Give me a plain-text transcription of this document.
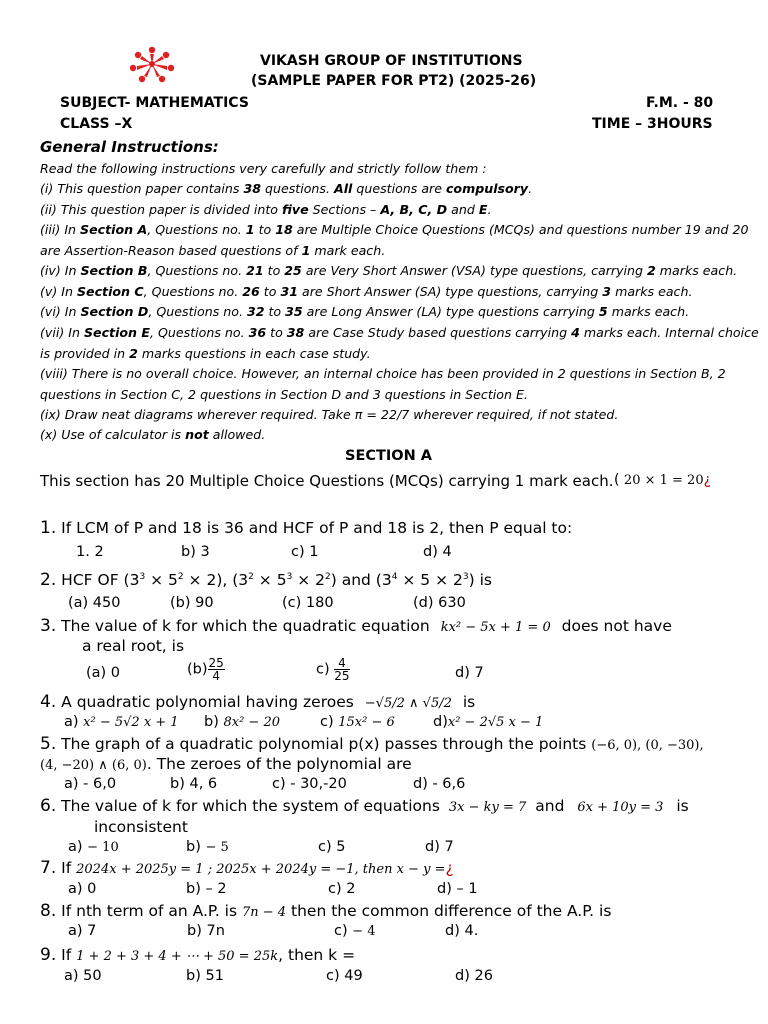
VIKASH GROUP OF INSTITUTIONS
(SAMPLE PAPER FOR PT2) (2025-26)
SUBJECT- MATHEMATICS	F.M. - 80
CLASS –X	TIME – 3HOURS
General Instructions:
Read the following instructions very carefully and strictly follow them :
(i) This question paper contains 38 questions. All questions are compulsory.
(ii) This question paper is divided into five Sections – A, B, C, D and E.
(iii) In Section A, Questions no. 1 to 18 are Multiple Choice Questions (MCQs) and questions number 19 and 20
are Assertion-Reason based questions of 1 mark each.
(iv) In Section B, Questions no. 21 to 25 are Very Short Answer (VSA) type questions, carrying 2 marks each.
(v) In Section C, Questions no. 26 to 31 are Short Answer (SA) type questions, carrying 3 marks each.
(vi) In Section D, Questions no. 32 to 35 are Long Answer (LA) type questions carrying 5 marks each.
(vii) In Section E, Questions no. 36 to 38 are Case Study based questions carrying 4 marks each. Internal choice
is provided in 2 marks questions in each case study.
(viii) There is no overall choice. However, an internal choice has been provided in 2 questions in Section B, 2
questions in Section C, 2 questions in Section D and 3 questions in Section E.
(ix) Draw neat diagrams wherever required. Take π = 22/7 wherever required, if not stated.
(x) Use of calculator is not allowed.
SECTION A
This section has 20 Multiple Choice Questions (MCQs) carrying 1 mark each. ( 20 × 1 = 20¿
1. If LCM of P and 18 is 36 and HCF of P and 18 is 2, then P equal to:
1. 2	b) 3	c) 1	d) 4
2. HCF OF $(3^3 \times 5^2 \times 2)$, $(3^2 \times 5^3 \times 2^2)$ and $(3^4 \times 5 \times 2^3)$ is
(a) 450	(b) 90	(c) 180	(d) 630
3. The value of k for which the quadratic equation kx² − 5x + 1 = 0 does not have
a real root, is
(a) 0	$(b) \frac{25}{4}$	$c) \frac{4}{25}$	d) 7
4. A quadratic polynomial having zeroes −√5/2 ∧ √5/2 is
a) x² − 5√2 x + 1 b) 8x² − 20	c) 15x² − 6	d)x² − 2√5 x − 1
5. The graph of a quadratic polynomial p(x) passes through the points (−6, 0), (0, −30),
(4, −20) ∧ (6, 0). The zeroes of the polynomial are
a) - 6,0	b) 4, 6	c) - 30,-20	d) - 6,6
6. The value of k for which the system of equations 3x − ky = 7 and 6x + 10y = 3 is
inconsistent
a) − 10	b) − 5	c) 5	d) 7
7. If 2024x + 2025y = 1 ; 2025x + 2024y = −1, then x − y =¿
a) 0	b) – 2	c) 2	d) – 1
8. If nth term of an A.P. is 7n − 4 then the common difference of the A.P. is
a) 7	b) 7n	c) − 4	d) 4.
9. If 1 + 2 + 3 + 4 + ⋯ + 50 = 25k, then k =
a) 50	b) 51	c) 49	d) 26
